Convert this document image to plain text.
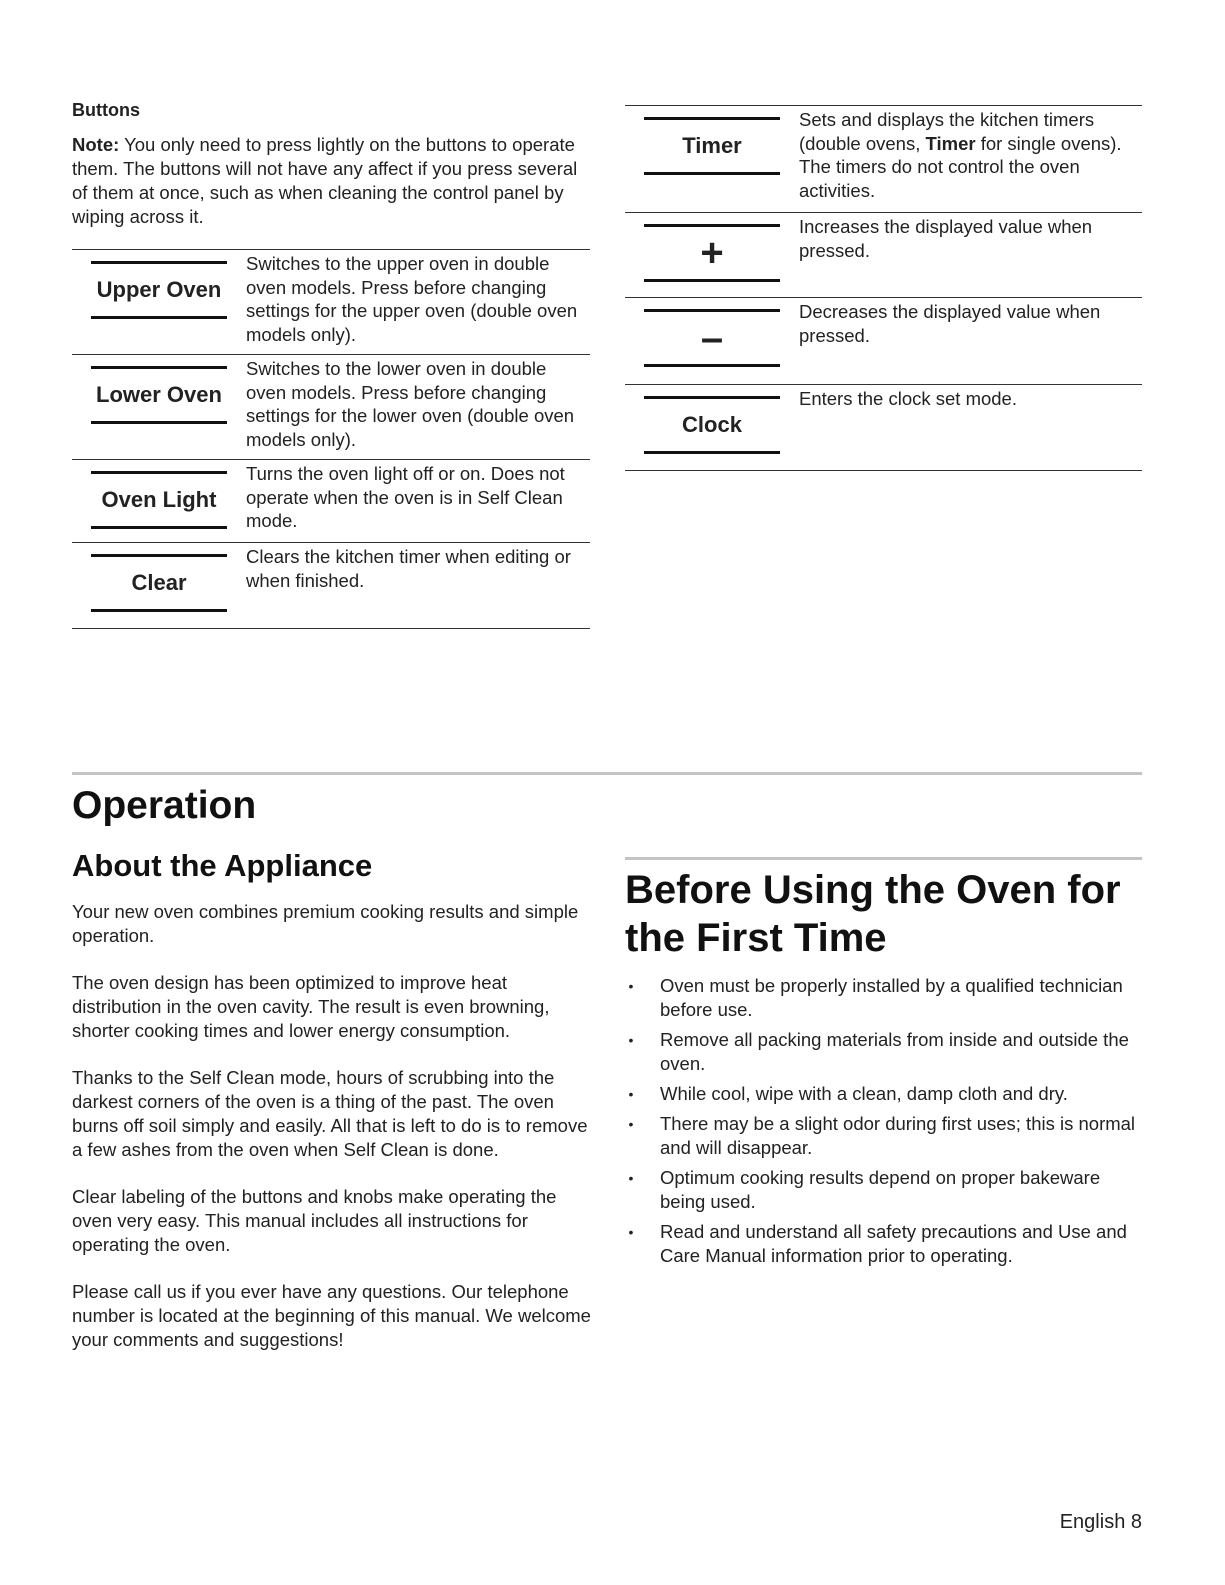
Buttons

Note: You only need to press lightly on the buttons to operate them. The buttons will not have any affect if you press several of them at once, such as when cleaning the control panel by wiping across it.

Upper Oven
Switches to the upper oven in double oven models. Press before changing settings for the upper oven (double oven models only).
Lower Oven
Switches to the lower oven in double oven models. Press before changing settings for the lower oven (double oven models only).
Oven Light
Turns the oven light off or on. Does not operate when the oven is in Self Clean mode.
Clear
Clears the kitchen timer when editing or when finished.
Timer
Sets and displays the kitchen timers (double ovens, Timer for single ovens). The timers do not control the oven activities.
+
Increases the displayed value when pressed.
–
Decreases the displayed value when pressed.
Clock
Enters the clock set mode.
Operation
About the Appliance

Your new oven combines premium cooking results and simple operation.

The oven design has been optimized to improve heat distribution in the oven cavity. The result is even browning, shorter cooking times and lower energy consumption.

Thanks to the Self Clean mode, hours of scrubbing into the darkest corners of the oven is a thing of the past. The oven burns off soil simply and easily. All that is left to do is to remove a few ashes from the oven when Self Clean is done.

Clear labeling of the buttons and knobs make operating the oven very easy. This manual includes all instructions for operating the oven.

Please call us if you ever have any questions. Our telephone number is located at the beginning of this manual. We welcome your comments and suggestions!

Before Using the Oven for the First Time
• Oven must be properly installed by a qualified technician before use.
• Remove all packing materials from inside and outside the oven.
• While cool, wipe with a clean, damp cloth and dry.
• There may be a slight odor during first uses; this is normal and will disappear.
• Optimum cooking results depend on proper bakeware being used.
• Read and understand all safety precautions and Use and Care Manual information prior to operating.
English 8
